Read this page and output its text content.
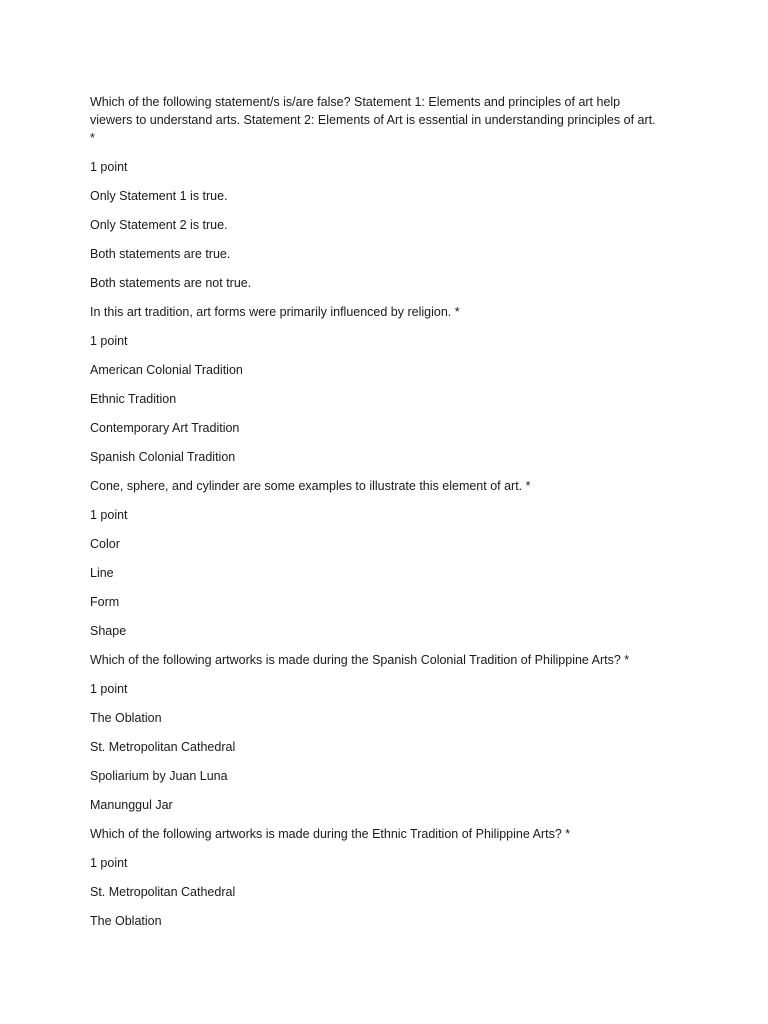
Which of the following statement/s is/are false? Statement 1: Elements and principles of art help viewers to understand arts. Statement 2: Elements of Art is essential in understanding principles of art. *
1 point
Only Statement 1 is true.
Only Statement 2 is true.
Both statements are true.
Both statements are not true.
In this art tradition, art forms were primarily influenced by religion. *
1 point
American Colonial Tradition
Ethnic Tradition
Contemporary Art Tradition
Spanish Colonial Tradition
Cone, sphere, and cylinder are some examples to illustrate this element of art. *
1 point
Color
Line
Form
Shape
Which of the following artworks is made during the Spanish Colonial Tradition of Philippine Arts? *
1 point
The Oblation
St. Metropolitan Cathedral
Spoliarium by Juan Luna
Manunggul Jar
Which of the following artworks is made during the Ethnic Tradition of Philippine Arts? *
1 point
St. Metropolitan Cathedral
The Oblation
